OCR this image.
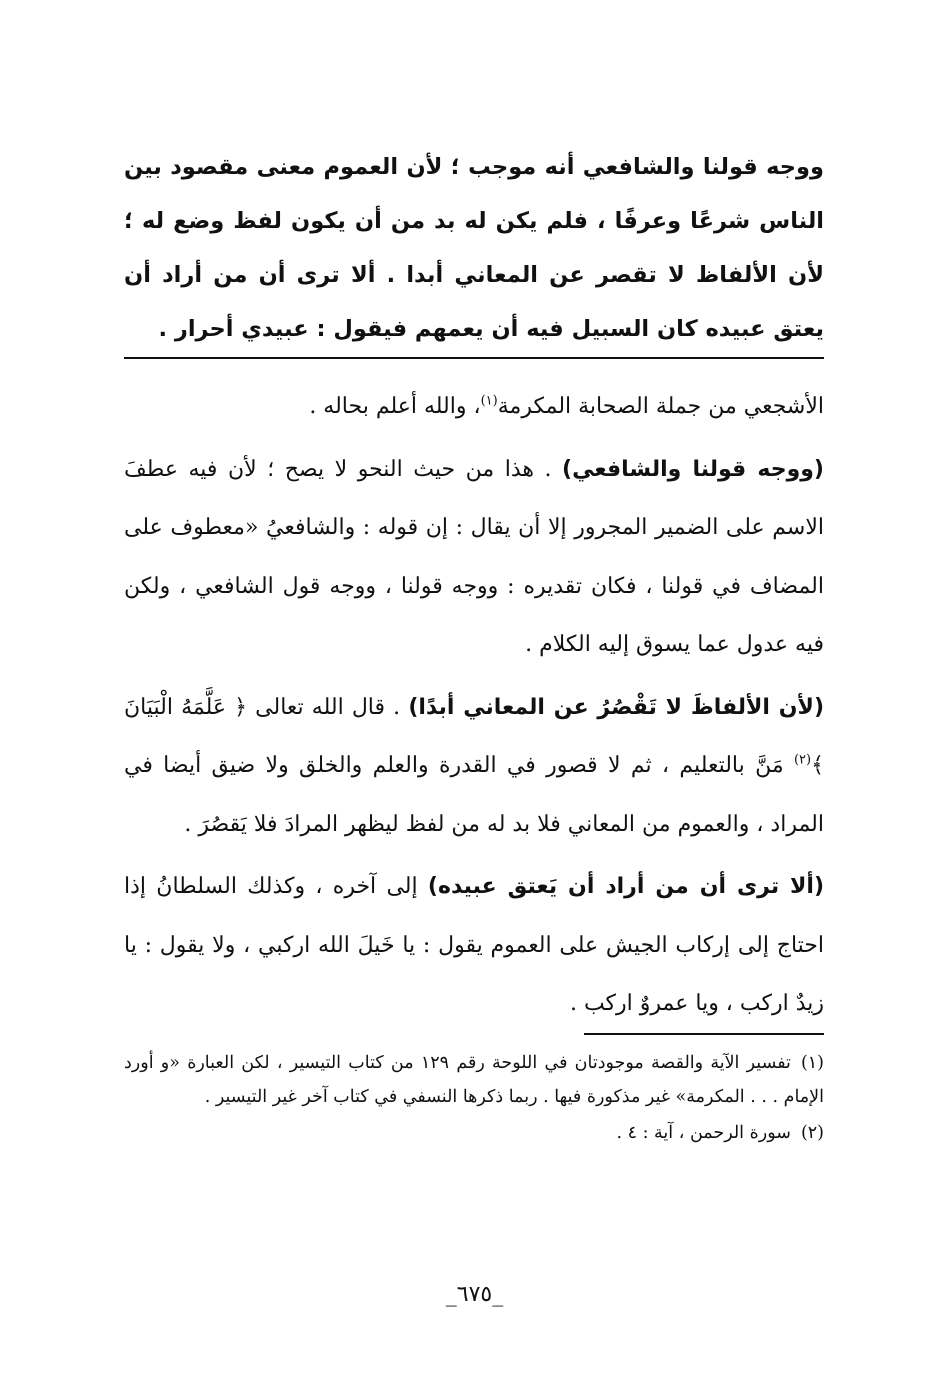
ووجه قولنا والشافعي أنه موجب ؛ لأن العموم معنى مقصود بين الناس شرعًا وعرفًا ، فلم يكن له بد من أن يكون لفظ وضع له ؛ لأن الألفاظ لا تقصر عن المعاني أبدا . ألا ترى أن من أراد أن يعتق عبيده كان السبيل فيه أن يعمهم فيقول : عبيدي أحرار .

الأشجعي من جملة الصحابة المكرمة$^{(١)}$، والله أعلم بحاله .

(ووجه قولنا والشافعي) . هذا من حيث النحو لا يصح ؛ لأن فيه عطفَ الاسم على الضمير المجرور إلا أن يقال : إن قوله : والشافعيُ «معطوف على المضاف في قولنا ، فكان تقديره : ووجه قولنا ، ووجه قول الشافعي ، ولكن فيه عدول عما يسوق إليه الكلام .

(لأن الألفاظَ لا تَقْصُرُ عن المعاني أبدًا) . قال الله تعالى ﴿ عَلَّمَهُ الْبَيَانَ ﴾$^{(٢)}$ مَنَّ بالتعليم ، ثم لا قصور في القدرة والعلم والخلق ولا ضيق أيضا في المراد ، والعموم من المعاني فلا بد له من لفظ ليظهر المرادَ فلا يَقصُرَ .

(ألا ترى أن من أراد أن يَعتق عبيده) إلى آخره ، وكذلك السلطانُ إذا احتاج إلى إركاب الجيش على العموم يقول : يا خَيلَ الله اركبي ، ولا يقول : يا زيدٌ اركب ، ويا عمروٌ اركب .

(١)تفسير الآية والقصة موجودتان في اللوحة رقم ١٢٩ من كتاب التيسير ، لكن العبارة «و أورد الإمام . . . المكرمة» غير مذكورة فيها . ربما ذكرها النسفي في كتاب آخر غير التيسير .

(٢)سورة الرحمن ، آية : ٤ .

_٦٧٥_
